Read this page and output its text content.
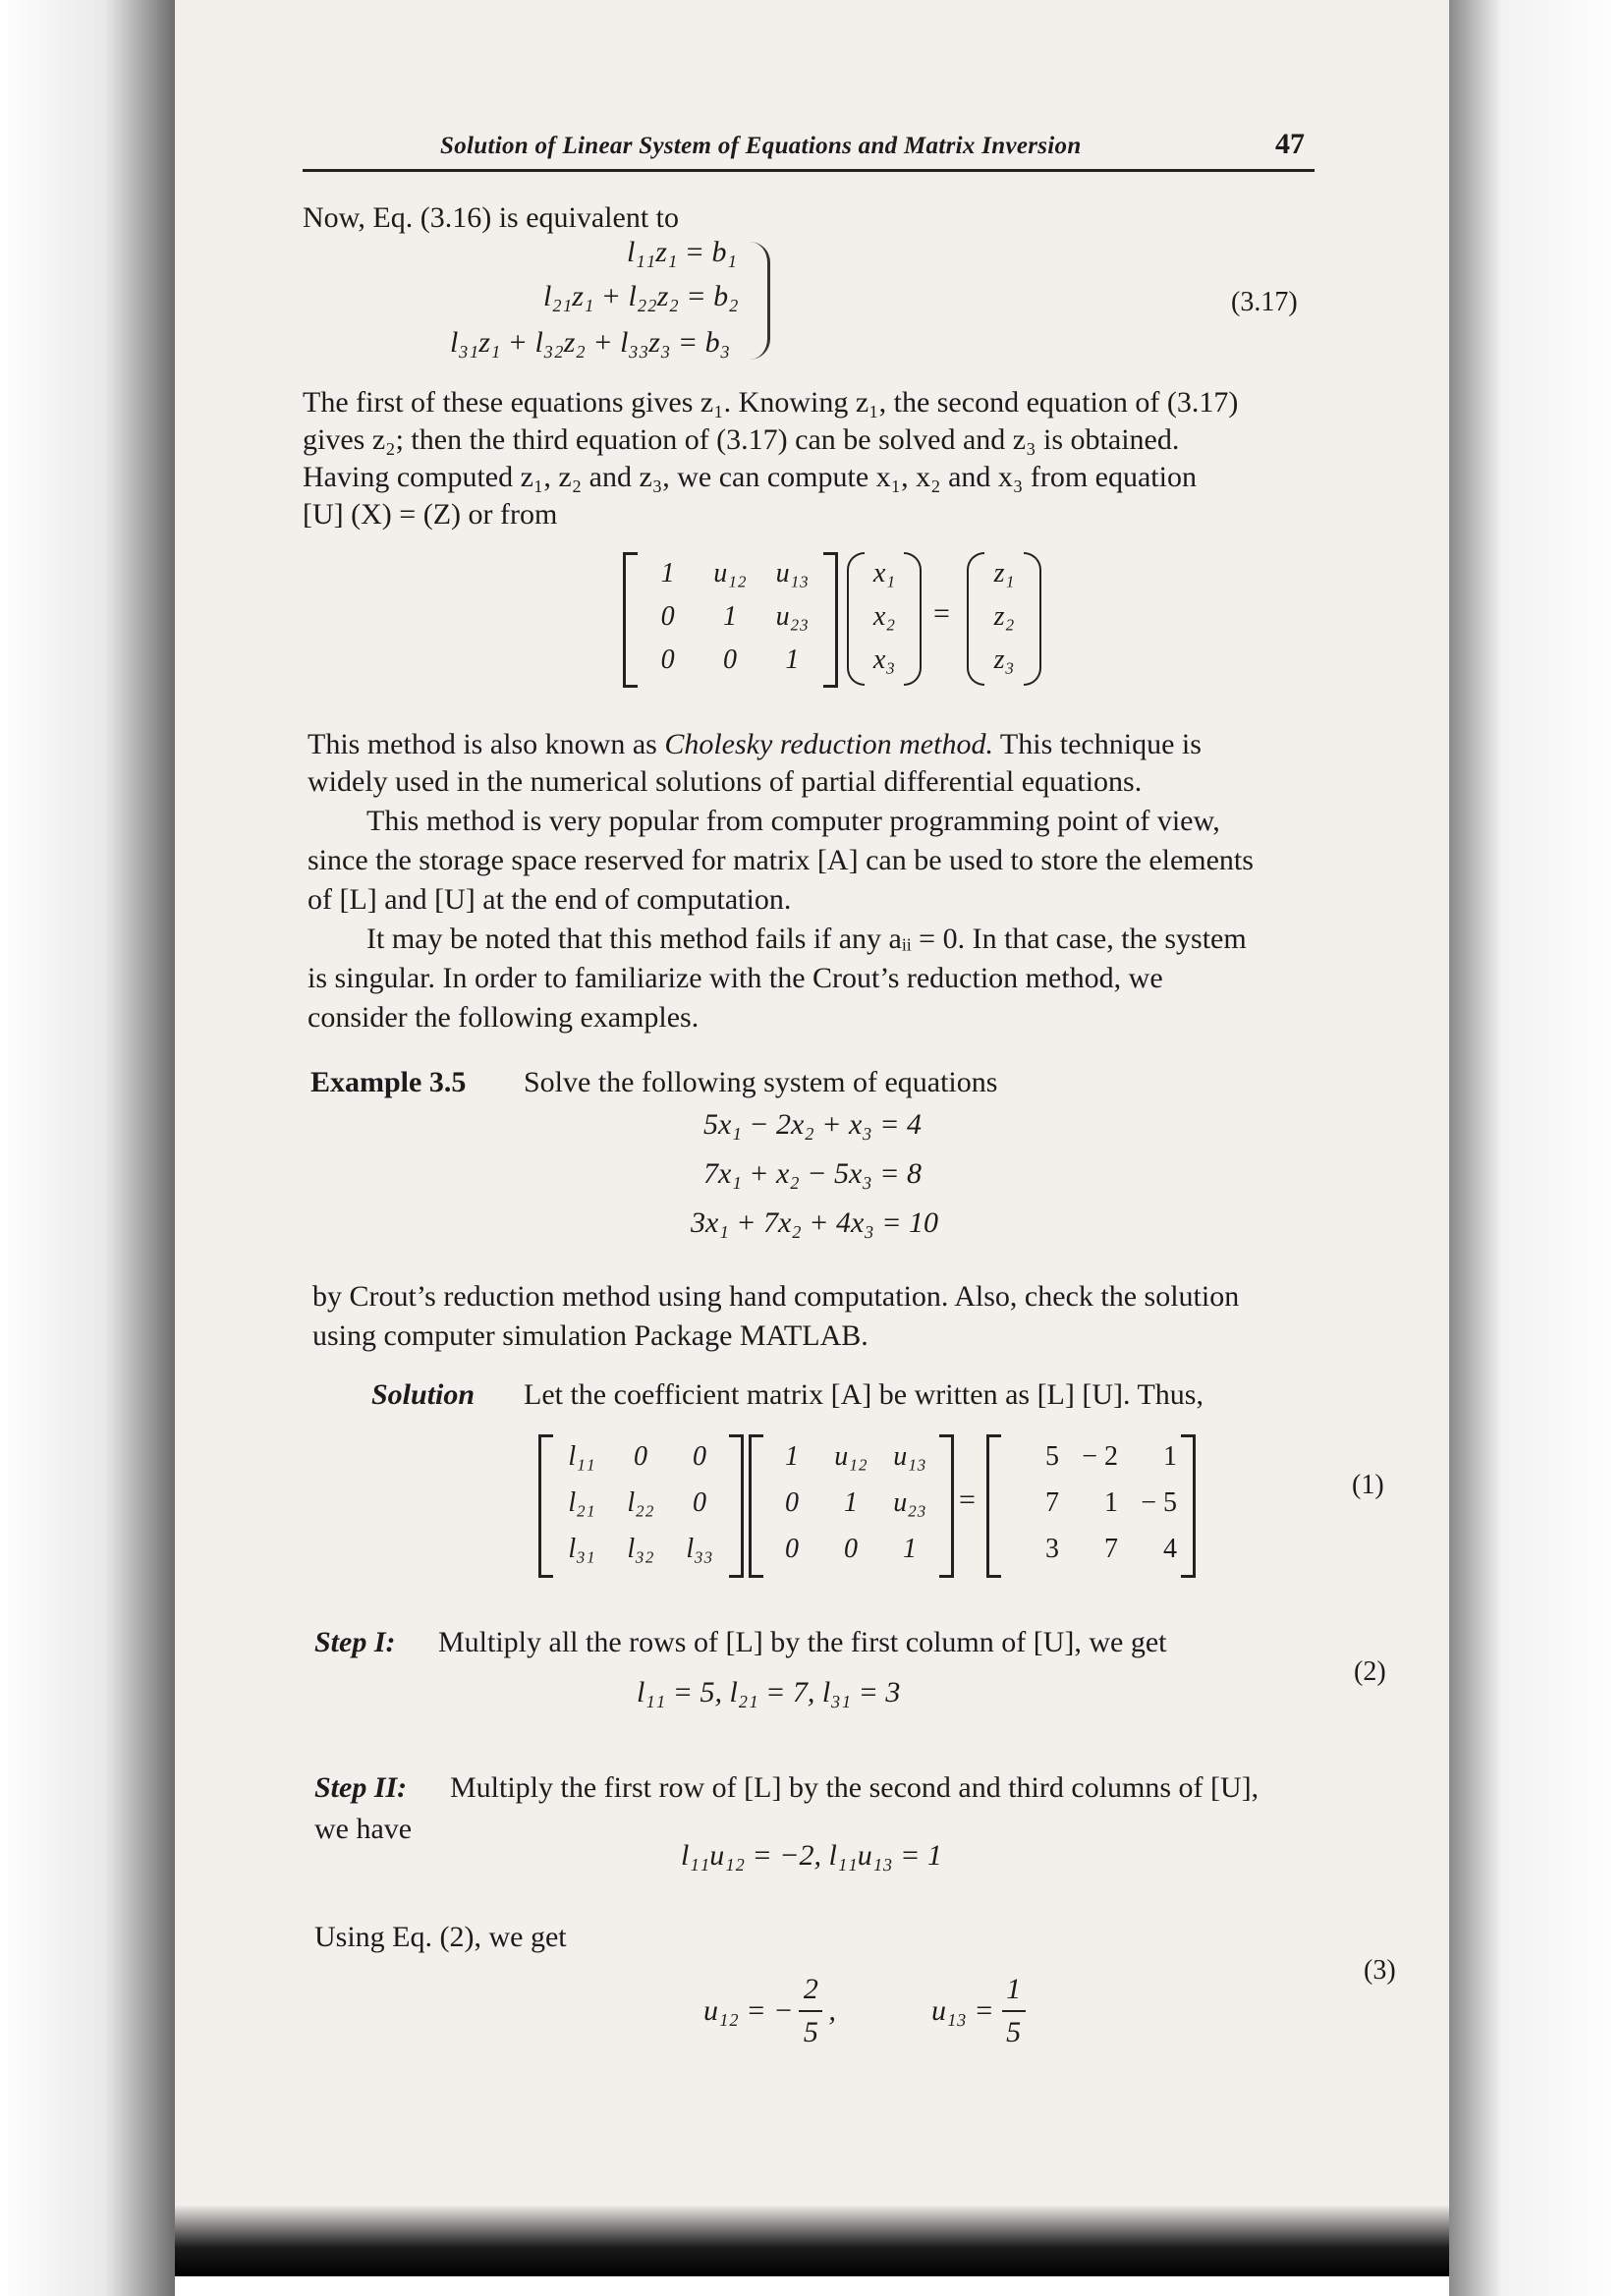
Solution of Linear System of Equations and Matrix Inversion	47
Now, Eq. (3.16) is equivalent to
l₁₁z₁ = b₁
l₂₁z₁ + l₂₂z₂ = b₂
l₃₁z₁ + l₃₂z₂ + l₃₃z₃ = b₃
(3.17)
The first of these equations gives z₁. Knowing z₁, the second equation of (3.17)
gives z₂; then the third equation of (3.17) can be solved and z₃ is obtained.
Having computed z₁, z₂ and z₃, we can compute x₁, x₂ and x₃ from equation
[U] (X) = (Z) or from
1 u₁₂ u₁₃
0 1 u₂₃
0 0 1
x₁
x₂
x₃
=
z₁
z₂
z₃
This method is also known as Cholesky reduction method. This technique is
widely used in the numerical solutions of partial differential equations.
This method is very popular from computer programming point of view,
since the storage space reserved for matrix [A] can be used to store the elements
of [L] and [U] at the end of computation.
It may be noted that this method fails if any aᵢᵢ = 0. In that case, the system
is singular. In order to familiarize with the Crout’s reduction method, we
consider the following examples.
Example 3.5 Solve the following system of equations
5x₁ − 2x₂ + x₃ = 4
7x₁ + x₂ − 5x₃ = 8
3x₁ + 7x₂ + 4x₃ = 10
by Crout’s reduction method using hand computation. Also, check the solution
using computer simulation Package MATLAB.
Solution Let the coefficient matrix [A] be written as [L] [U]. Thus,
l₁₁ 0 0
l₂₁ l₂₂ 0
l₃₁ l₃₂ l₃₃
1 u₁₂ u₁₃
0 1 u₂₃
0 0 1
=
5 − 2 1
7 1 − 5
3 7 4
(1)
Step I: Multiply all the rows of [L] by the first column of [U], we get
l₁₁ = 5, l₂₁ = 7, l₃₁ = 3
(2)
Step II: Multiply the first row of [L] by the second and third columns of [U],
we have
l₁₁u₁₂ = −2, l₁₁u₁₃ = 1
Using Eq. (2), we get
u₁₂ = − $\frac{2}{5}$ ,	$u_{13} = \frac{1}{5}$
(3)
